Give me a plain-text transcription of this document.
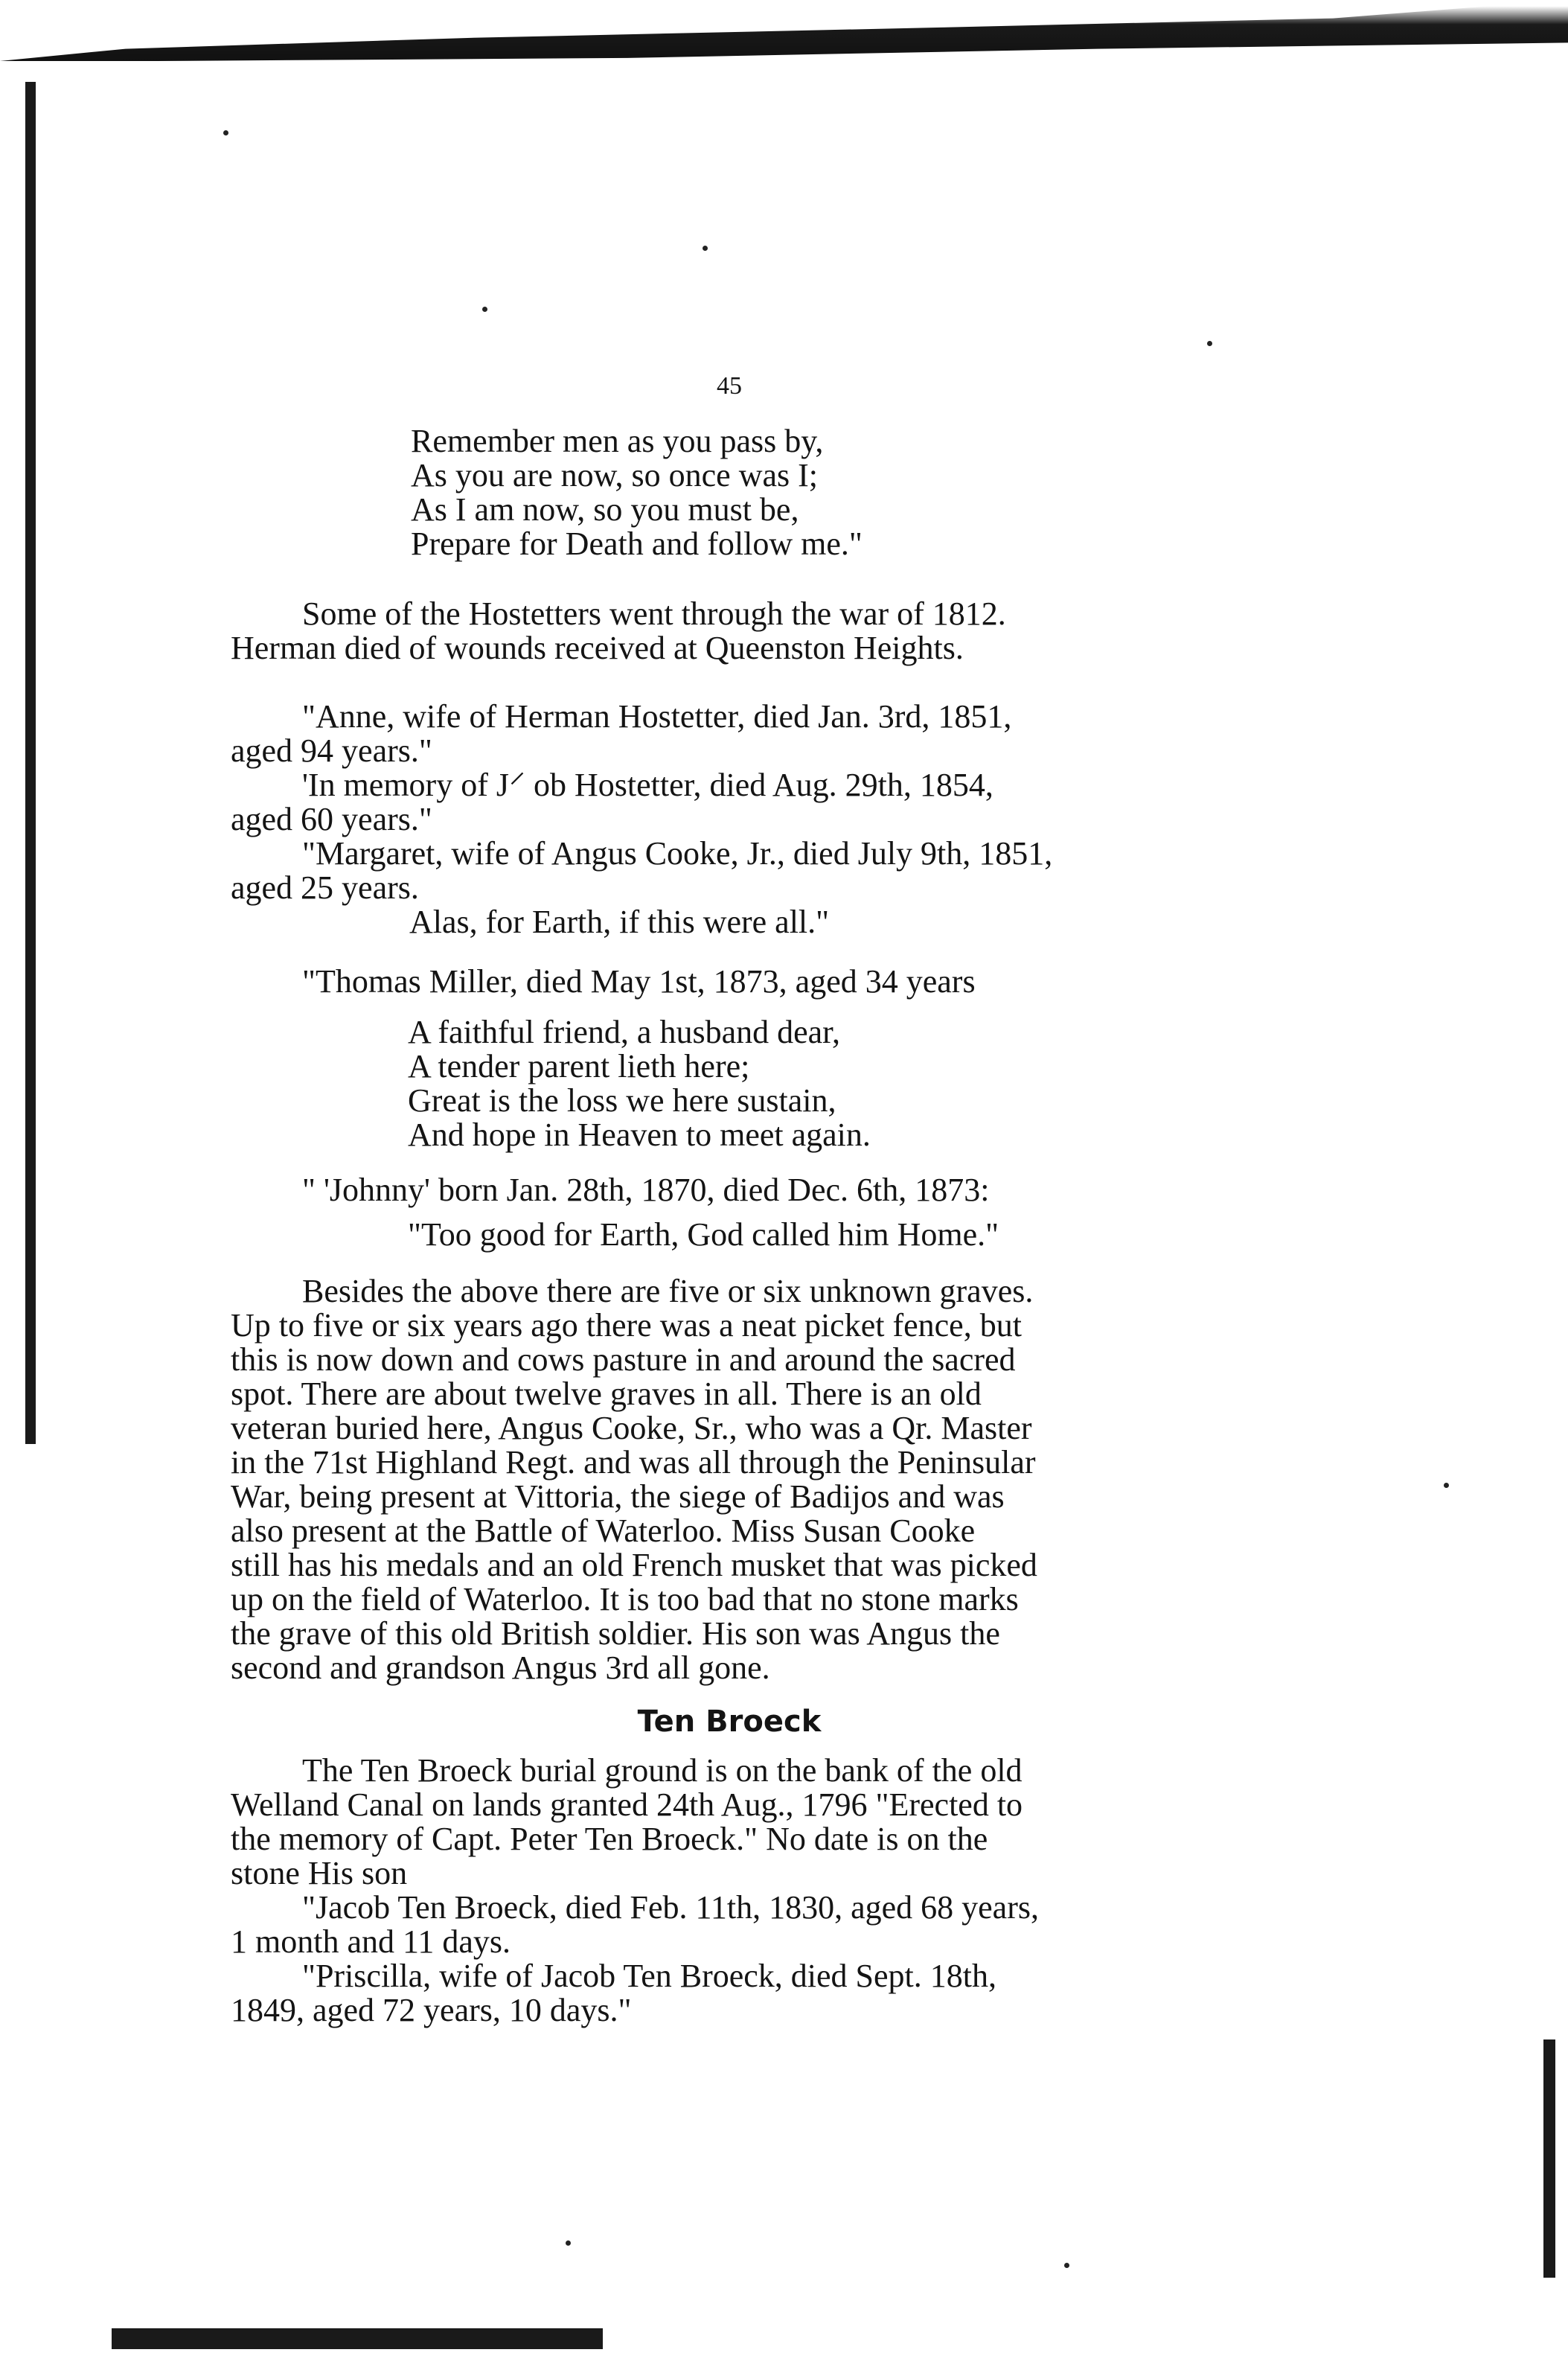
45

Remember men as you pass by,

As you are now, so once was I;

As I am now, so you must be,

Prepare for Death and follow me."

Some of the Hostetters went through the war of 1812.

Herman died of wounds received at Queenston Heights.

"Anne, wife of Herman Hostetter, died Jan. 3rd, 1851,

aged 94 years."

'In memory of J⸍ ob Hostetter, died Aug. 29th, 1854,

aged 60 years."

"Margaret, wife of Angus Cooke, Jr., died July 9th, 1851,

aged 25 years.

Alas, for Earth, if this were all."

"Thomas Miller, died May 1st, 1873, aged 34 years

A faithful friend, a husband dear,

A tender parent lieth here;

Great is the loss we here sustain,

And hope in Heaven to meet again.

" 'Johnny' born Jan. 28th, 1870, died Dec. 6th, 1873:

"Too good for Earth, God called him Home."

Besides the above there are five or six unknown graves.

Up to five or six years ago there was a neat picket fence, but

this is now down and cows pasture in and around the sacred

spot. There are about twelve graves in all. There is an old

veteran buried here, Angus Cooke, Sr., who was a Qr. Master

in the 71st Highland Regt. and was all through the Peninsular

War, being present at Vittoria, the siege of Badijos and was

also present at the Battle of Waterloo. Miss Susan Cooke

still has his medals and an old French musket that was picked

up on the field of Waterloo. It is too bad that no stone marks

the grave of this old British soldier. His son was Angus the

second and grandson Angus 3rd all gone.

Ten Broeck

The Ten Broeck burial ground is on the bank of the old

Welland Canal on lands granted 24th Aug., 1796 "Erected to

the memory of Capt. Peter Ten Broeck." No date is on the

stone His son

"Jacob Ten Broeck, died Feb. 11th, 1830, aged 68 years,

1 month and 11 days.

"Priscilla, wife of Jacob Ten Broeck, died Sept. 18th,

1849, aged 72 years, 10 days."
